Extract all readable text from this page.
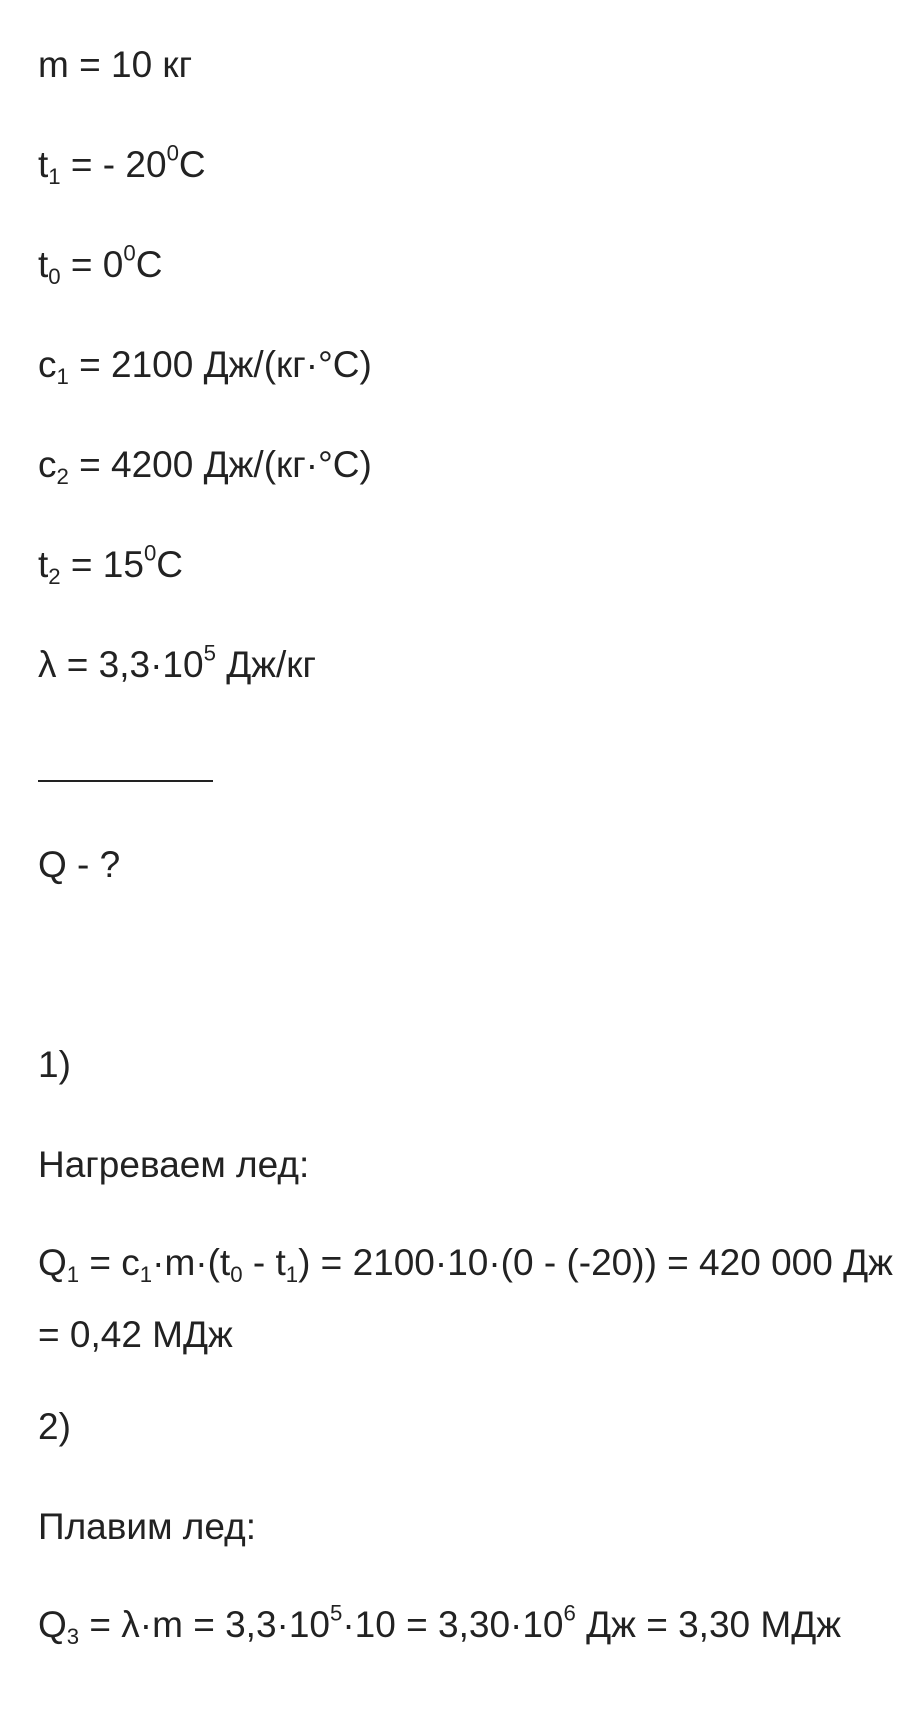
m = 10 кг
$t_1$ = - $20^0C$
$t_0 = 0^0C$
$c_1 = 2100$ Дж/(кг·°C)
$c_2 = 4200$ Дж/(кг·°C)
$t_2 = 15^0C$
$\lambda = 3,3\cdot 10^5$ Дж/кг
Q - ?
1)
Нагреваем лед:
$Q_1 = c_1\cdot m\cdot(t_0 - t_1) = 2100\cdot 10\cdot(0 - (-20)) = 420$ 000 Дж = 0,42 МДж
2)
Плавим лед:
$Q_3 = \lambda\cdot m = 3,3\cdot 10^5\cdot 10 = 3,30\cdot 10^6$ Дж = 3,30 МДж
